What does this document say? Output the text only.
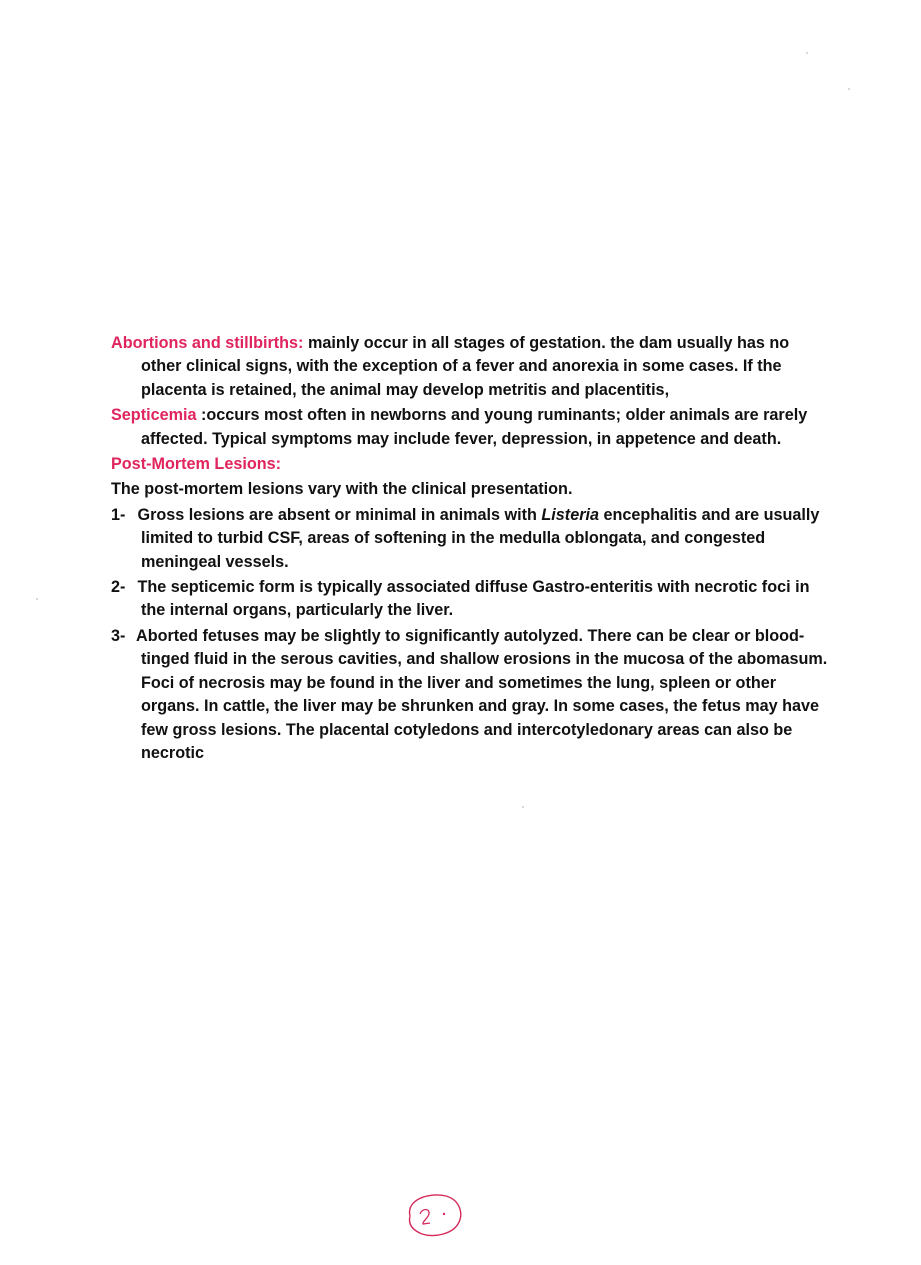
Abortions and stillbirths: mainly occur in all stages of gestation. the dam usually has no other clinical signs, with the exception of a fever and anorexia in some cases. If the placenta is retained, the animal may develop metritis and placentitis,

Septicemia :occurs most often in newborns and young ruminants; older animals are rarely affected. Typical symptoms may include fever, depression, in appetence and death.

Post-Mortem Lesions:

The post-mortem lesions vary with the clinical presentation.

1- Gross lesions are absent or minimal in animals with Listeria encephalitis and are usually limited to turbid CSF, areas of softening in the medulla oblongata, and congested meningeal vessels.

2- The septicemic form is typically associated diffuse Gastro-enteritis with necrotic foci in the internal organs, particularly the liver.

3- Aborted fetuses may be slightly to significantly autolyzed. There can be clear or blood-tinged fluid in the serous cavities, and shallow erosions in the mucosa of the abomasum. Foci of necrosis may be found in the liver and sometimes the lung, spleen or other organs. In cattle, the liver may be shrunken and gray. In some cases, the fetus may have few gross lesions. The placental cotyledons and intercotyledonary areas can also be necrotic
